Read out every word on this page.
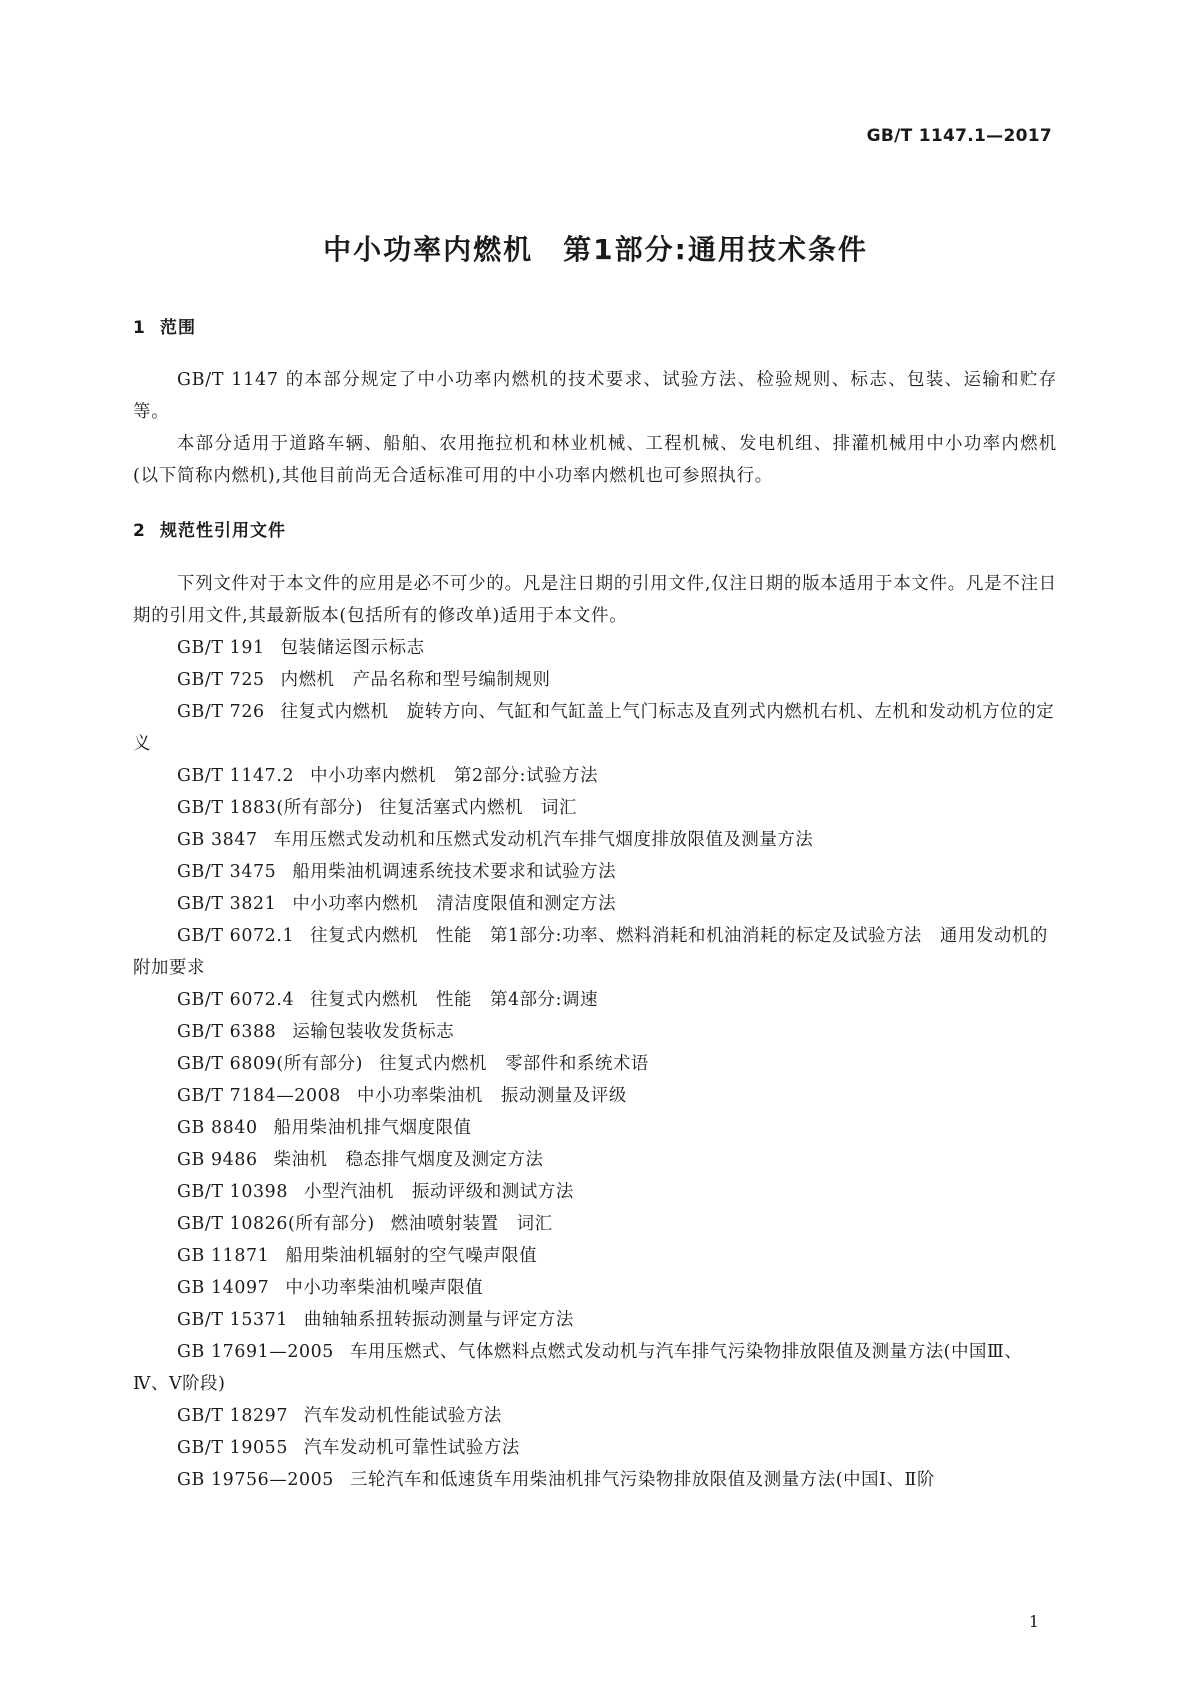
GB/T 1147.1—2017
中小功率内燃机　第1部分:通用技术条件
1 范围

GB/T 1147 的本部分规定了中小功率内燃机的技术要求、试验方法、检验规则、标志、包装、运输和贮存等。

本部分适用于道路车辆、船舶、农用拖拉机和林业机械、工程机械、发电机组、排灌机械用中小功率内燃机(以下简称内燃机),其他目前尚无合适标准可用的中小功率内燃机也可参照执行。

2 规范性引用文件

下列文件对于本文件的应用是必不可少的。凡是注日期的引用文件,仅注日期的版本适用于本文件。凡是不注日期的引用文件,其最新版本(包括所有的修改单)适用于本文件。

GB/T 191 包装储运图示标志

GB/T 725 内燃机　产品名称和型号编制规则

GB/T 726 往复式内燃机　旋转方向、气缸和气缸盖上气门标志及直列式内燃机右机、左机和发动机方位的定义

GB/T 1147.2 中小功率内燃机　第2部分:试验方法

GB/T 1883(所有部分) 往复活塞式内燃机　词汇

GB 3847 车用压燃式发动机和压燃式发动机汽车排气烟度排放限值及测量方法

GB/T 3475 船用柴油机调速系统技术要求和试验方法

GB/T 3821 中小功率内燃机　清洁度限值和测定方法

GB/T 6072.1 往复式内燃机　性能　第1部分:功率、燃料消耗和机油消耗的标定及试验方法　通用发动机的附加要求

GB/T 6072.4 往复式内燃机　性能　第4部分:调速

GB/T 6388 运输包装收发货标志

GB/T 6809(所有部分) 往复式内燃机　零部件和系统术语

GB/T 7184—2008 中小功率柴油机　振动测量及评级

GB 8840 船用柴油机排气烟度限值

GB 9486 柴油机　稳态排气烟度及测定方法

GB/T 10398 小型汽油机　振动评级和测试方法

GB/T 10826(所有部分) 燃油喷射装置　词汇

GB 11871 船用柴油机辐射的空气噪声限值

GB 14097 中小功率柴油机噪声限值

GB/T 15371 曲轴轴系扭转振动测量与评定方法

GB 17691—2005 车用压燃式、气体燃料点燃式发动机与汽车排气污染物排放限值及测量方法(中国Ⅲ、Ⅳ、Ⅴ阶段)

GB/T 18297 汽车发动机性能试验方法

GB/T 19055 汽车发动机可靠性试验方法

GB 19756—2005 三轮汽车和低速货车用柴油机排气污染物排放限值及测量方法(中国Ⅰ、Ⅱ阶

1
